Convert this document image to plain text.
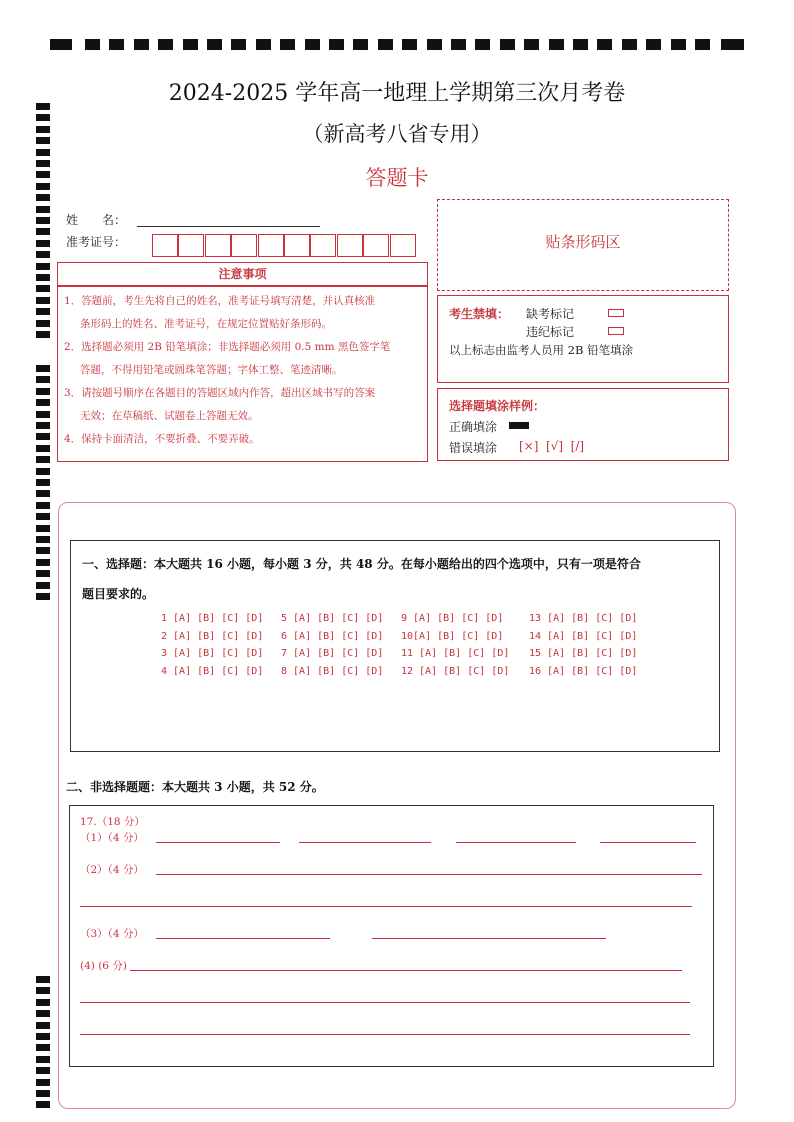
2024-2025 学年高一地理上学期第三次月考卷
（新高考八省专用）
答题卡
姓　　名：
准考证号：	贴条形码区
注意事项
1．答题前，考生先将自己的姓名，准考证号填写清楚，并认真核准
条形码上的姓名、准考证号，在规定位置贴好条形码。
2．选择题必须用 2B 铅笔填涂；非选择题必须用 0.5 mm 黑色签字笔
答题，不得用铅笔或圆珠笔答题；字体工整、笔迹清晰。
3．请按题号顺序在各题目的答题区域内作答，超出区域书写的答案
无效；在草稿纸、试题卷上答题无效。
4．保持卡面清洁，不要折叠、不要弄破。
考生禁填： 缺考标记
违纪标记
以上标志由监考人员用 2B 铅笔填涂
选择题填涂样例：
正确填涂
错误填涂 [×]  [√]  [/]
一、选择题：本大题共 16 小题，每小题 3 分，共 48 分。在每小题给出的四个选项中，只有一项是符合
题目要求的。
1 [A] [B] [C] [D] 5 [A] [B] [C] [D] 9 [A] [B] [C] [D]	13 [A] [B] [C] [D]
2 [A] [B] [C] [D] 6 [A] [B] [C] [D] 10[A] [B] [C] [D]	14 [A] [B] [C] [D]
3 [A] [B] [C] [D] 7 [A] [B] [C] [D] 11 [A] [B] [C] [D] 15 [A] [B] [C] [D]
4 [A] [B] [C] [D] 8 [A] [B] [C] [D] 12 [A] [B] [C] [D] 16 [A] [B] [C] [D]
二、非选择题题：本大题共 3 小题，共 52 分。
17.（18 分）
（1）（4 分）
（2）（4 分）
（3）（4 分）
(4) (6 分)
